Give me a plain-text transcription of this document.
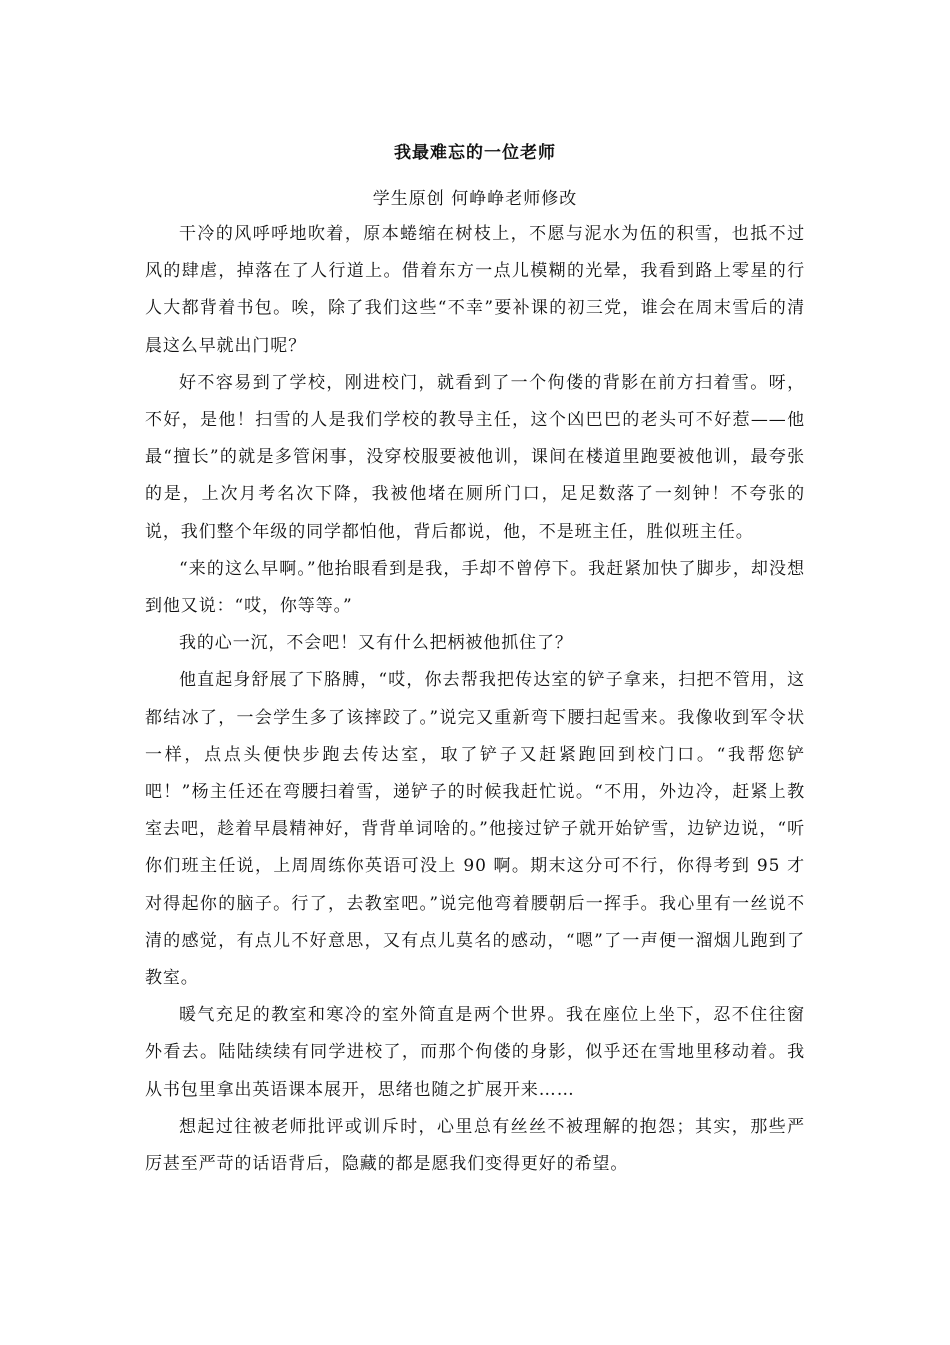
我最难忘的一位老师
学生原创 何峥峥老师修改

干冷的风呼呼地吹着，原本蜷缩在树枝上，不愿与泥水为伍的积雪，也抵不过风的肆虐，掉落在了人行道上。借着东方一点儿模糊的光晕，我看到路上零星的行人大都背着书包。唉，除了我们这些“不幸”要补课的初三党，谁会在周末雪后的清晨这么早就出门呢？

好不容易到了学校，刚进校门，就看到了一个佝偻的背影在前方扫着雪。呀，不好，是他！扫雪的人是我们学校的教导主任，这个凶巴巴的老头可不好惹——他最“擅长”的就是多管闲事，没穿校服要被他训，课间在楼道里跑要被他训，最夸张的是，上次月考名次下降，我被他堵在厕所门口，足足数落了一刻钟！不夸张的说，我们整个年级的同学都怕他，背后都说，他，不是班主任，胜似班主任。

“来的这么早啊。”他抬眼看到是我，手却不曾停下。我赶紧加快了脚步，却没想到他又说：“哎，你等等。”

我的心一沉，不会吧！又有什么把柄被他抓住了？

他直起身舒展了下胳膊，“哎，你去帮我把传达室的铲子拿来，扫把不管用，这都结冰了，一会学生多了该摔跤了。”说完又重新弯下腰扫起雪来。我像收到军令状一样，点点头便快步跑去传达室，取了铲子又赶紧跑回到校门口。“我帮您铲吧！”杨主任还在弯腰扫着雪，递铲子的时候我赶忙说。“不用，外边冷，赶紧上教室去吧，趁着早晨精神好，背背单词啥的。”他接过铲子就开始铲雪，边铲边说，“听你们班主任说，上周周练你英语可没上 90 啊。期末这分可不行，你得考到 95 才对得起你的脑子。行了，去教室吧。”说完他弯着腰朝后一挥手。我心里有一丝说不清的感觉，有点儿不好意思，又有点儿莫名的感动，“嗯”了一声便一溜烟儿跑到了教室。

暖气充足的教室和寒冷的室外简直是两个世界。我在座位上坐下，忍不住往窗外看去。陆陆续续有同学进校了，而那个佝偻的身影，似乎还在雪地里移动着。我从书包里拿出英语课本展开，思绪也随之扩展开来……

想起过往被老师批评或训斥时，心里总有丝丝不被理解的抱怨；其实，那些严厉甚至严苛的话语背后，隐藏的都是愿我们变得更好的希望。
